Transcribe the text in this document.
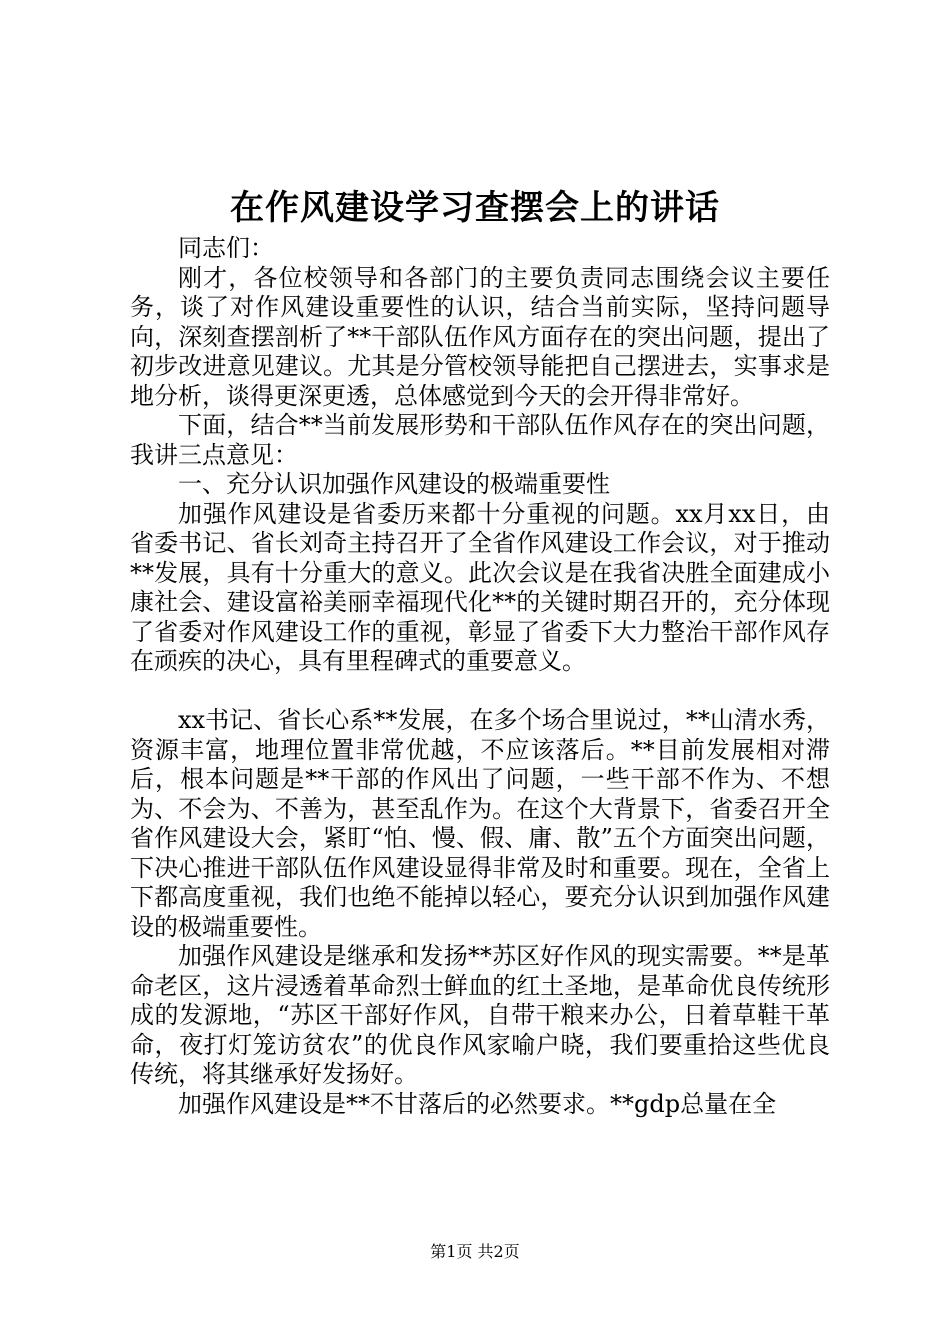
在作风建设学习查摆会上的讲话

同志们：

刚才，各位校领导和各部门的主要负责同志围绕会议主要任务，谈了对作风建设重要性的认识，结合当前实际，坚持问题导向，深刻查摆剖析了**干部队伍作风方面存在的突出问题，提出了初步改进意见建议。尤其是分管校领导能把自己摆进去，实事求是地分析，谈得更深更透，总体感觉到今天的会开得非常好。

下面，结合**当前发展形势和干部队伍作风存在的突出问题，我讲三点意见：

一、充分认识加强作风建设的极端重要性

加强作风建设是省委历来都十分重视的问题。xx月xx日，由省委书记、省长刘奇主持召开了全省作风建设工作会议，对于推动**发展，具有十分重大的意义。此次会议是在我省决胜全面建成小康社会、建设富裕美丽幸福现代化**的关键时期召开的，充分体现了省委对作风建设工作的重视，彰显了省委下大力整治干部作风存在顽疾的决心，具有里程碑式的重要意义。

xx书记、省长心系**发展，在多个场合里说过，**山清水秀，资源丰富，地理位置非常优越，不应该落后。**目前发展相对滞后，根本问题是**干部的作风出了问题，一些干部不作为、不想为、不会为、不善为，甚至乱作为。在这个大背景下，省委召开全省作风建设大会，紧盯“怕、慢、假、庸、散”五个方面突出问题，下决心推进干部队伍作风建设显得非常及时和重要。现在，全省上下都高度重视，我们也绝不能掉以轻心，要充分认识到加强作风建设的极端重要性。

加强作风建设是继承和发扬**苏区好作风的现实需要。**是革命老区，这片浸透着革命烈士鲜血的红土圣地，是革命优良传统形成的发源地，“苏区干部好作风，自带干粮来办公，日着草鞋干革命，夜打灯笼访贫农”的优良作风家喻户晓，我们要重拾这些优良传统，将其继承好发扬好。

加强作风建设是**不甘落后的必然要求。**gdp总量在全

第1页 共2页
